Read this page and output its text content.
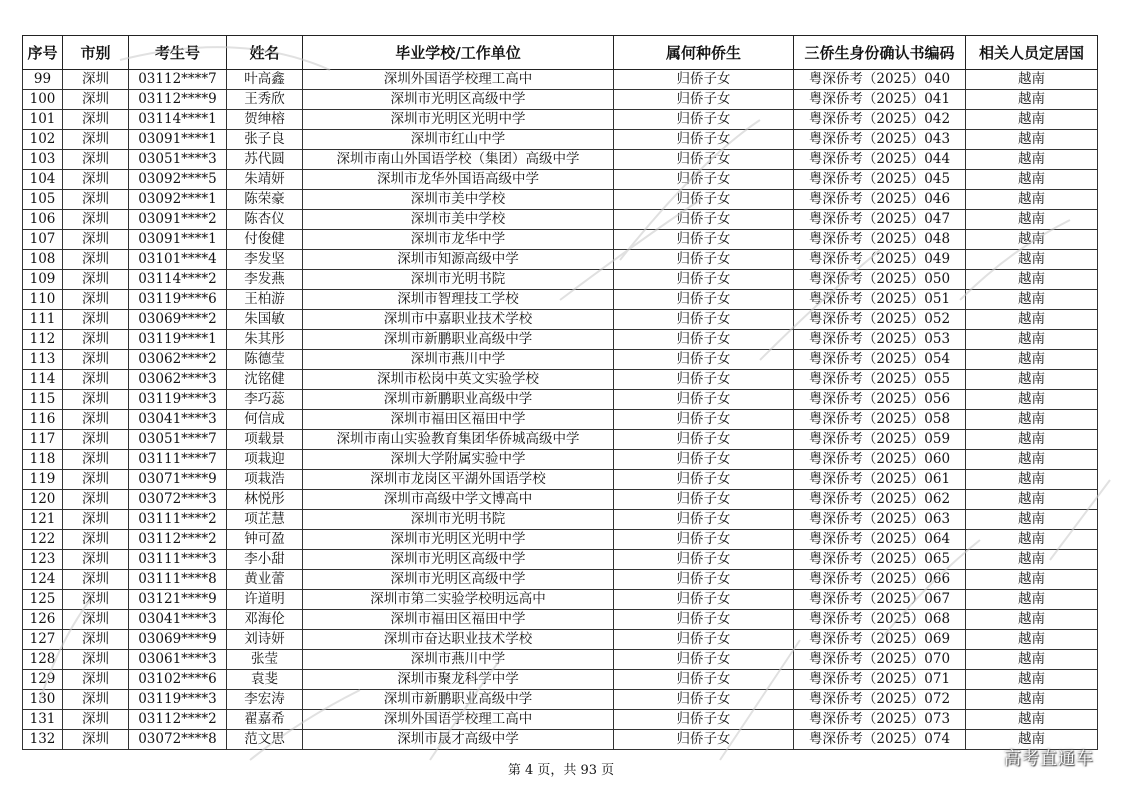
序号	市别	考生号	姓名	毕业学校/工作单位	属何种侨生	三侨生身份确认书编码	相关人员定居国
99	深圳	03112****7	叶高鑫	深圳外国语学校理工高中	归侨子女	粤深侨考（2025）040	越南
100	深圳	03112****9	王秀欣	深圳市光明区高级中学	归侨子女	粤深侨考（2025）041	越南
101	深圳	03114****1	贺绅榕	深圳市光明区光明中学	归侨子女	粤深侨考（2025）042	越南
102	深圳	03091****1	张子良	深圳市红山中学	归侨子女	粤深侨考（2025）043	越南
103	深圳	03051****3	苏代圆	深圳市南山外国语学校（集团）高级中学	归侨子女	粤深侨考（2025）044	越南
104	深圳	03092****5	朱靖妍	深圳市龙华外国语高级中学	归侨子女	粤深侨考（2025）045	越南
105	深圳	03092****1	陈荣豪	深圳市美中学校	归侨子女	粤深侨考（2025）046	越南
106	深圳	03091****2	陈杏仪	深圳市美中学校	归侨子女	粤深侨考（2025）047	越南
107	深圳	03091****1	付俊健	深圳市龙华中学	归侨子女	粤深侨考（2025）048	越南
108	深圳	03101****4	李发坚	深圳市知源高级中学	归侨子女	粤深侨考（2025）049	越南
109	深圳	03114****2	李发燕	深圳市光明书院	归侨子女	粤深侨考（2025）050	越南
110	深圳	03119****6	王柏游	深圳市智理技工学校	归侨子女	粤深侨考（2025）051	越南
111	深圳	03069****2	朱国敏	深圳市中嘉职业技术学校	归侨子女	粤深侨考（2025）052	越南
112	深圳	03119****1	朱其彤	深圳市新鹏职业高级中学	归侨子女	粤深侨考（2025）053	越南
113	深圳	03062****2	陈德莹	深圳市燕川中学	归侨子女	粤深侨考（2025）054	越南
114	深圳	03062****3	沈铭健	深圳市松岗中英文实验学校	归侨子女	粤深侨考（2025）055	越南
115	深圳	03119****3	李巧蕊	深圳市新鹏职业高级中学	归侨子女	粤深侨考（2025）056	越南
116	深圳	03041****3	何信成	深圳市福田区福田中学	归侨子女	粤深侨考（2025）058	越南
117	深圳	03051****7	项载景	深圳市南山实验教育集团华侨城高级中学	归侨子女	粤深侨考（2025）059	越南
118	深圳	03111****7	项栽迎	深圳大学附属实验中学	归侨子女	粤深侨考（2025）060	越南
119	深圳	03071****9	项栽浩	深圳市龙岗区平湖外国语学校	归侨子女	粤深侨考（2025）061	越南
120	深圳	03072****3	林悦彤	深圳市高级中学文博高中	归侨子女	粤深侨考（2025）062	越南
121	深圳	03111****2	项芷慧	深圳市光明书院	归侨子女	粤深侨考（2025）063	越南
122	深圳	03112****2	钟可盈	深圳市光明区光明中学	归侨子女	粤深侨考（2025）064	越南
123	深圳	03111****3	李小甜	深圳市光明区高级中学	归侨子女	粤深侨考（2025）065	越南
124	深圳	03111****8	黄业蕾	深圳市光明区高级中学	归侨子女	粤深侨考（2025）066	越南
125	深圳	03121****9	许道明	深圳市第二实验学校明远高中	归侨子女	粤深侨考（2025）067	越南
126	深圳	03041****3	邓海伦	深圳市福田区福田中学	归侨子女	粤深侨考（2025）068	越南
127	深圳	03069****9	刘诗妍	深圳市奋达职业技术学校	归侨子女	粤深侨考（2025）069	越南
128	深圳	03061****3	张莹	深圳市燕川中学	归侨子女	粤深侨考（2025）070	越南
129	深圳	03102****6	袁斐	深圳市聚龙科学中学	归侨子女	粤深侨考（2025）071	越南
130	深圳	03119****3	李宏涛	深圳市新鹏职业高级中学	归侨子女	粤深侨考（2025）072	越南
131	深圳	03112****2	翟嘉希	深圳外国语学校理工高中	归侨子女	粤深侨考（2025）073	越南
132	深圳	03072****8	范文思	深圳市晟才高级中学	归侨子女	粤深侨考（2025）074	越南
第 4 页，共 93 页
高考直通车
